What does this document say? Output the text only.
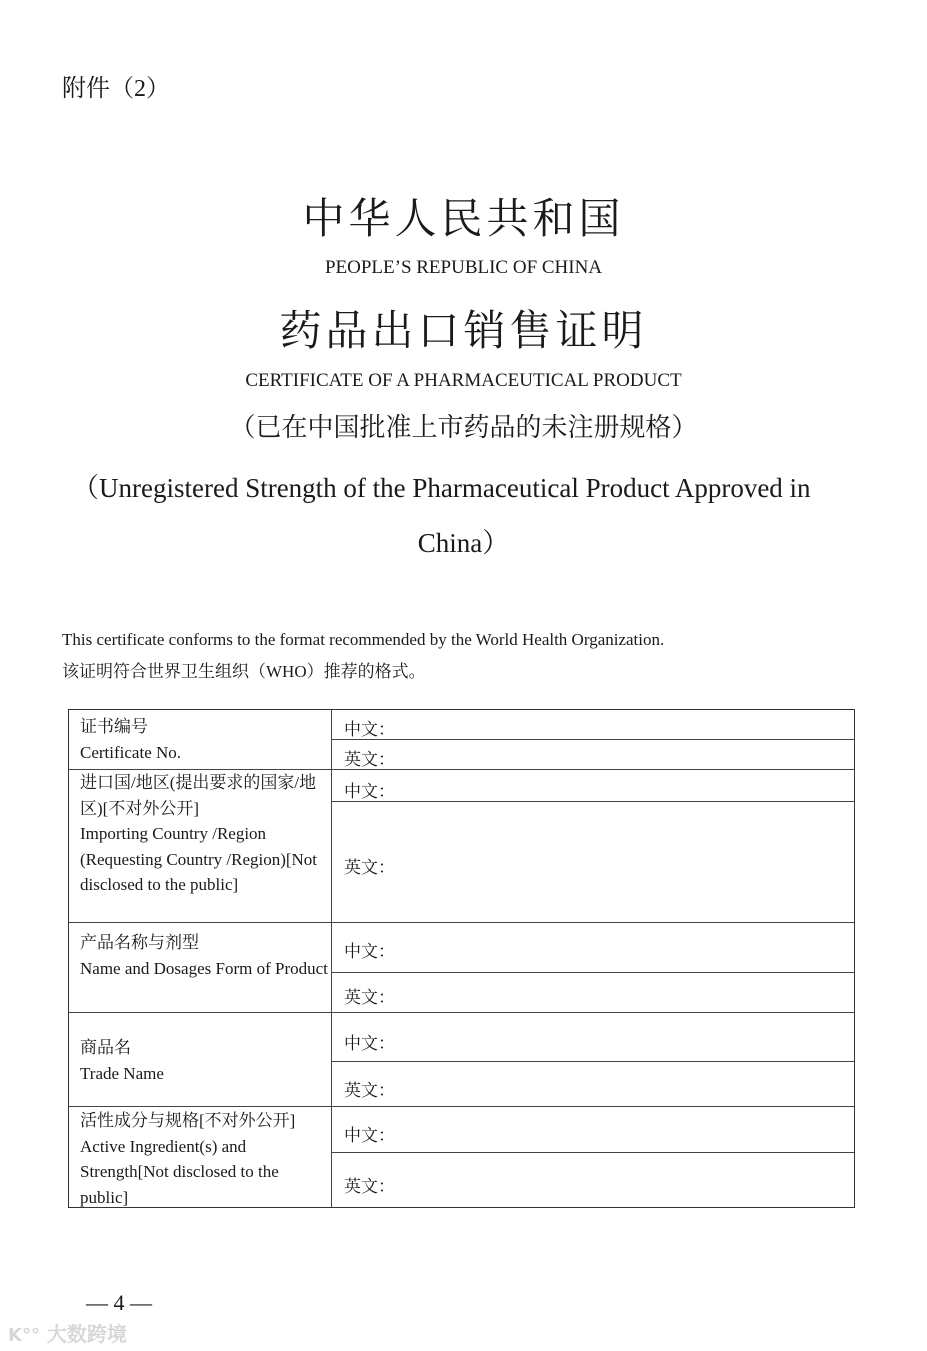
附件（2）
中华人民共和国
PEOPLE’S REPUBLIC OF CHINA
药品出口销售证明
CERTIFICATE OF A PHARMACEUTICAL PRODUCT
（已在中国批准上市药品的未注册规格）
（Unregistered Strength of the Pharmaceutical Product Approved in
China）
This certificate conforms to the format recommended by the World Health Organization.
该证明符合世界卫生组织（WHO）推荐的格式。
证书编号
Certificate No.
中文：
英文：
进口国/地区(提出要求的国家/地区)[不对外公开]
Importing Country /Region (Requesting Country /Region)[Not disclosed to the public]
中文：
英文：
产品名称与剂型
Name and Dosages Form of Product
中文：
英文：
商品名
Trade Name
中文：
英文：
活性成分与规格[不对外公开]
Active Ingredient(s) and Strength[Not disclosed to the public]
中文：
英文：
— 4 —
K°° 大数跨境
